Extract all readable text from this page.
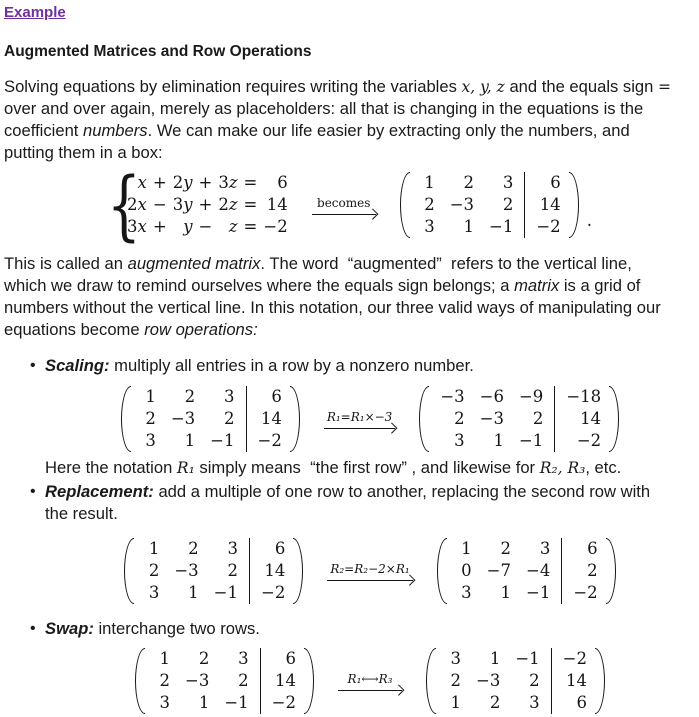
Example
Augmented Matrices and Row Operations
Solving equations by elimination requires writing the variables x, y, z and the equals sign =
over and over again, merely as placeholders: all that is changing in the equations is the
coefficient numbers. We can make our life easier by extracting only the numbers, and
putting them in a box:
{
x + 2y + 3z =	6
2x − 3y + 2z = 14
3x +	y −	z = −2
becomes
1	2	3	6
2 −3	2	14
3	1 −1	−2	.
This is called an augmented matrix. The word  “augmented”  refers to the vertical line,
which we draw to remind ourselves where the equals sign belongs; a matrix is a grid of
numbers without the vertical line. In this notation, our three valid ways of manipulating our
equations become row operations:
•
Scaling: multiply all entries in a row by a nonzero number.
1	2	3	6
2 −3	2	14
3	1 −1	−2
R₁=R₁×−3
−3 −6 −9	−18
2 −3	2	14
3	1 −1	−2
Here the notation R₁ simply means  “the first row” , and likewise for R₂, R₃, etc.
•
Replacement: add a multiple of one row to another, replacing the second row with
the result.
1	2	3	6
2 −3	2	14
3	1 −1	−2
R₂=R₂−2×R₁
1	2	3	6
0 −7 −4	2
3	1 −1	−2
•
Swap: interchange two rows.
1	2	3	6
2 −3	2	14
3	1 −1	−2
R₁⟷R₃
3	1 −1	−2
2 −3	2	14
1	2	3	6
